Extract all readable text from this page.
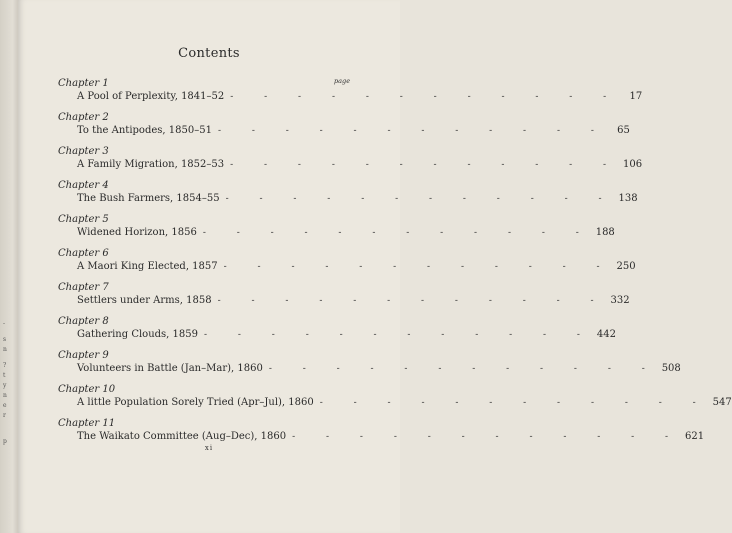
-
s
n
?
t
y
n
e
r
p
Contents
page
Chapter 1
A Pool of Perplexity, 1841–52 - - - - - - - - - - - - 17
Chapter 2
To the Antipodes, 1850–51 - - - - - - - - - - - - 65
Chapter 3
A Family Migration, 1852–53 - - - - - - - - - - - - 106
Chapter 4
The Bush Farmers, 1854–55 - - - - - - - - - - - - 138
Chapter 5
Widened Horizon, 1856 - - - - - - - - - - - - 188
Chapter 6
A Maori King Elected, 1857 - - - - - - - - - - - - 250
Chapter 7
Settlers under Arms, 1858 - - - - - - - - - - - - 332
Chapter 8
Gathering Clouds, 1859 - - - - - - - - - - - - 442
Chapter 9
Volunteers in Battle (Jan–Mar), 1860 - - - - - - - - - - - - 508
Chapter 10
A little Population Sorely Tried (Apr–Jul), 1860 - - - - - - - - - - - - 547
Chapter 11
The Waikato Committee (Aug–Dec), 1860 - - - - - - - - - - - - 621
xi
